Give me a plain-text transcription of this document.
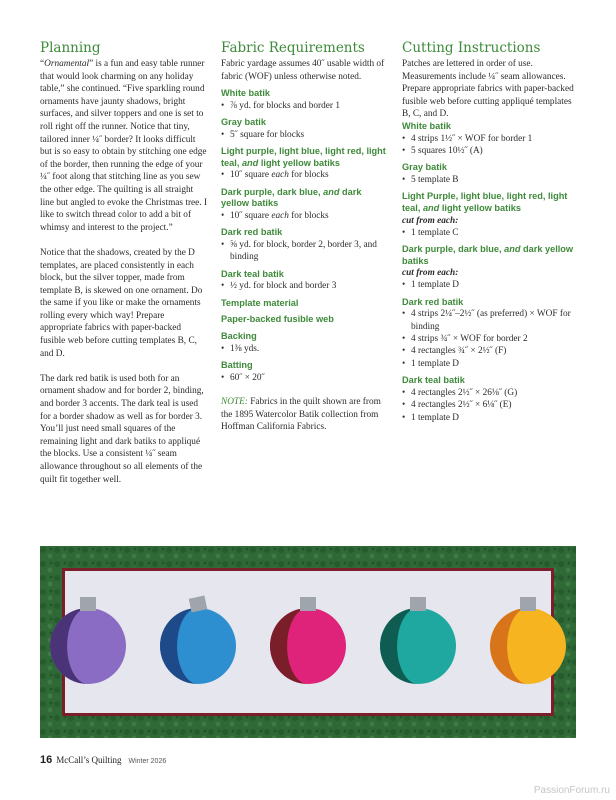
Planning

“Ornamental” is a fun and easy table runner that would look charming on any holiday table,” she continued. “Five sparkling round ornaments have jaunty shadows, bright surfaces, and silver toppers and one is set to roll right off the runner. Notice that tiny, tailored inner ¼˝ border? It looks difficult but is so easy to obtain by stitching one edge of the border, then running the edge of your ¼˝ foot along that stitching line as you sew the other edge. The quilting is all straight line but angled to evoke the Christmas tree. I like to switch thread color to add a bit of whimsy and interest to the project.”

Notice that the shadows, created by the D templates, are placed consistently in each block, but the silver topper, made from template B, is skewed on one ornament. Do the same if you like or make the ornaments rolling every which way! Prepare appropriate fabrics with paper-backed fusible web before cutting templates B, C, and D.

The dark red batik is used both for an ornament shadow and for border 2, binding, and border 3 accents. The dark teal is used for a border shadow as well as for border 3. You’ll just need small squares of the remaining light and dark batiks to appliqué the blocks. Use a consistent ¼˝ seam allowance throughout so all elements of the quilt fit together well.

Fabric Requirements

Fabric yardage assumes 40˝ usable width of fabric (WOF) unless otherwise noted.

White batik
• ⅞ yd. for blocks and border 1
Gray batik
• 5˝ square for blocks
Light purple, light blue, light red, light teal, and light yellow batiks
• 10˝ square each for blocks
Dark purple, dark blue, and dark yellow batiks
• 10˝ square each for blocks
Dark red batik
• ⅝ yd. for block, border 2, border 3, and binding
Dark teal batik
• ½ yd. for block and border 3
Template material
Paper-backed fusible web
Backing
• 1⅜ yds.
Batting
• 60˝ × 20˝

NOTE: Fabrics in the quilt shown are from the 1895 Watercolor Batik collection from Hoffman California Fabrics.

Cutting Instructions

Patches are lettered in order of use. Measurements include ¼˝ seam allowances. Prepare appropriate fabrics with paper-backed fusible web before cutting appliqué templates B, C, and D.

White batik
• 4 strips 1½˝ × WOF for border 1
• 5 squares 10½˝ (A)
Gray batik
• 5 template B
Light Purple, light blue, light red, light teal, and light yellow batiks
cut from each:
• 1 template C
Dark purple, dark blue, and dark yellow batiks
cut from each:
• 1 template D
Dark red batik
• 4 strips 2¼˝–2½˝ (as preferred) × WOF for binding
• 4 strips ¾˝ × WOF for border 2
• 4 rectangles ¾˝ × 2½˝ (F)
• 1 template D
Dark teal batik
• 4 rectangles 2½˝ × 26⅛˝ (G)
• 4 rectangles 2½˝ × 6⅛˝ (E)
• 1 template D
16 McCall’s Quilting Winter 2026
PassionForum.ru
